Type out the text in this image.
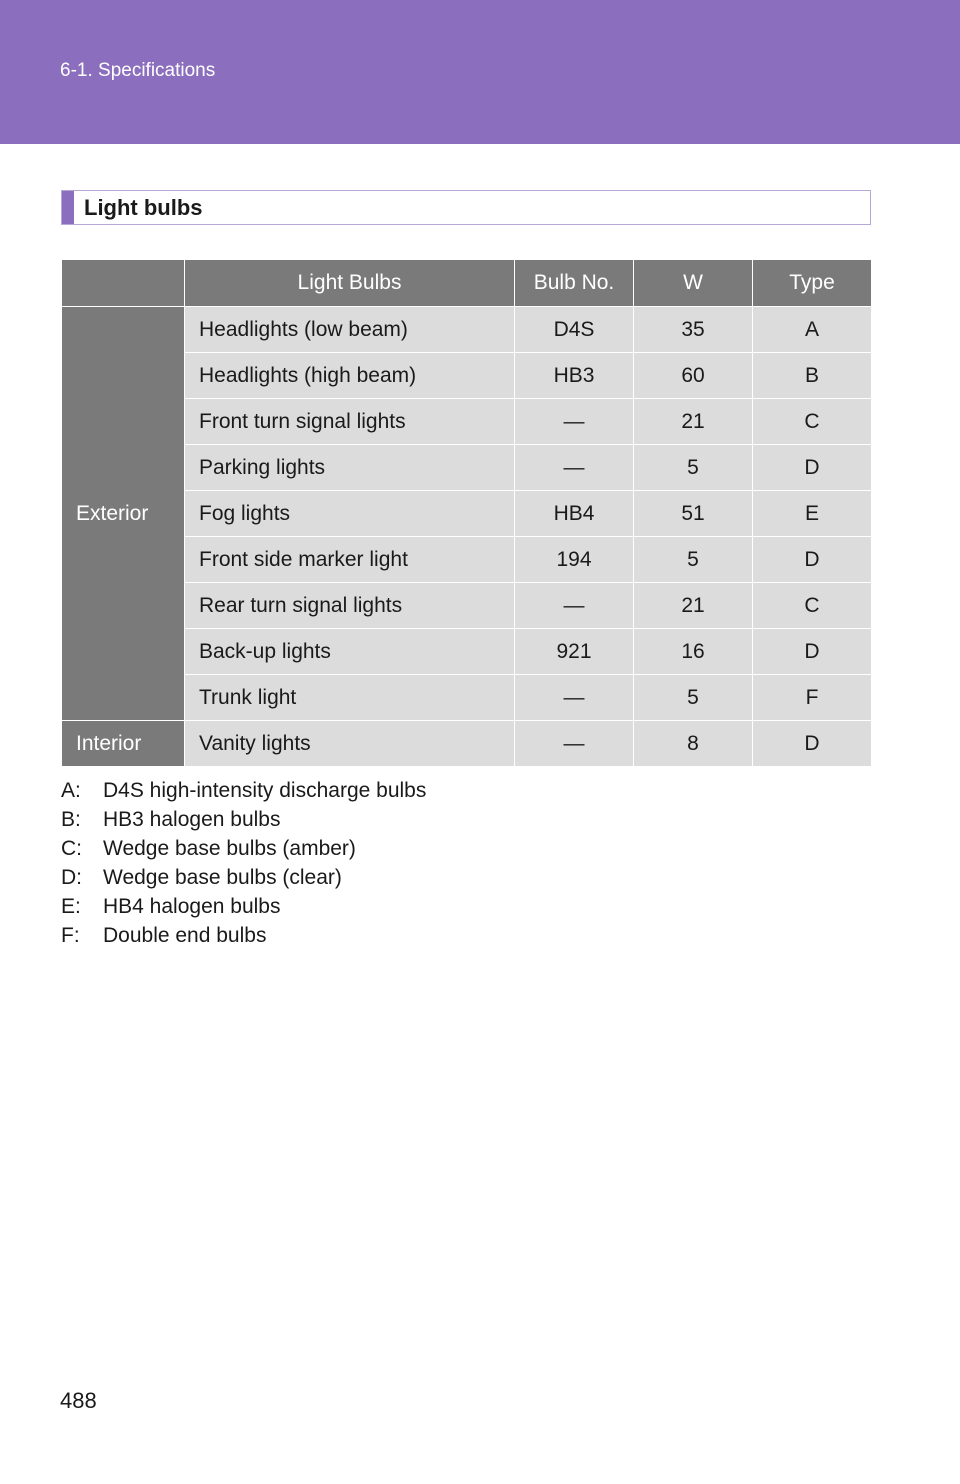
6-1. Specifications
Light bulbs
	Light Bulbs	Bulb No.	W	Type
Exterior	Headlights (low beam)	D4S	35	A
	Headlights (high beam)	HB3	60	B
	Front turn signal lights	—	21	C
	Parking lights	—	5	D
	Fog lights	HB4	51	E
	Front side marker light	194	5	D
	Rear turn signal lights	—	21	C
	Back-up lights	921	16	D
	Trunk light	—	5	F
Interior	Vanity lights	—	8	D
A:	D4S high-intensity discharge bulbs
B:	HB3 halogen bulbs
C:	Wedge base bulbs (amber)
D:	Wedge base bulbs (clear)
E:	HB4 halogen bulbs
F:	Double end bulbs
488
